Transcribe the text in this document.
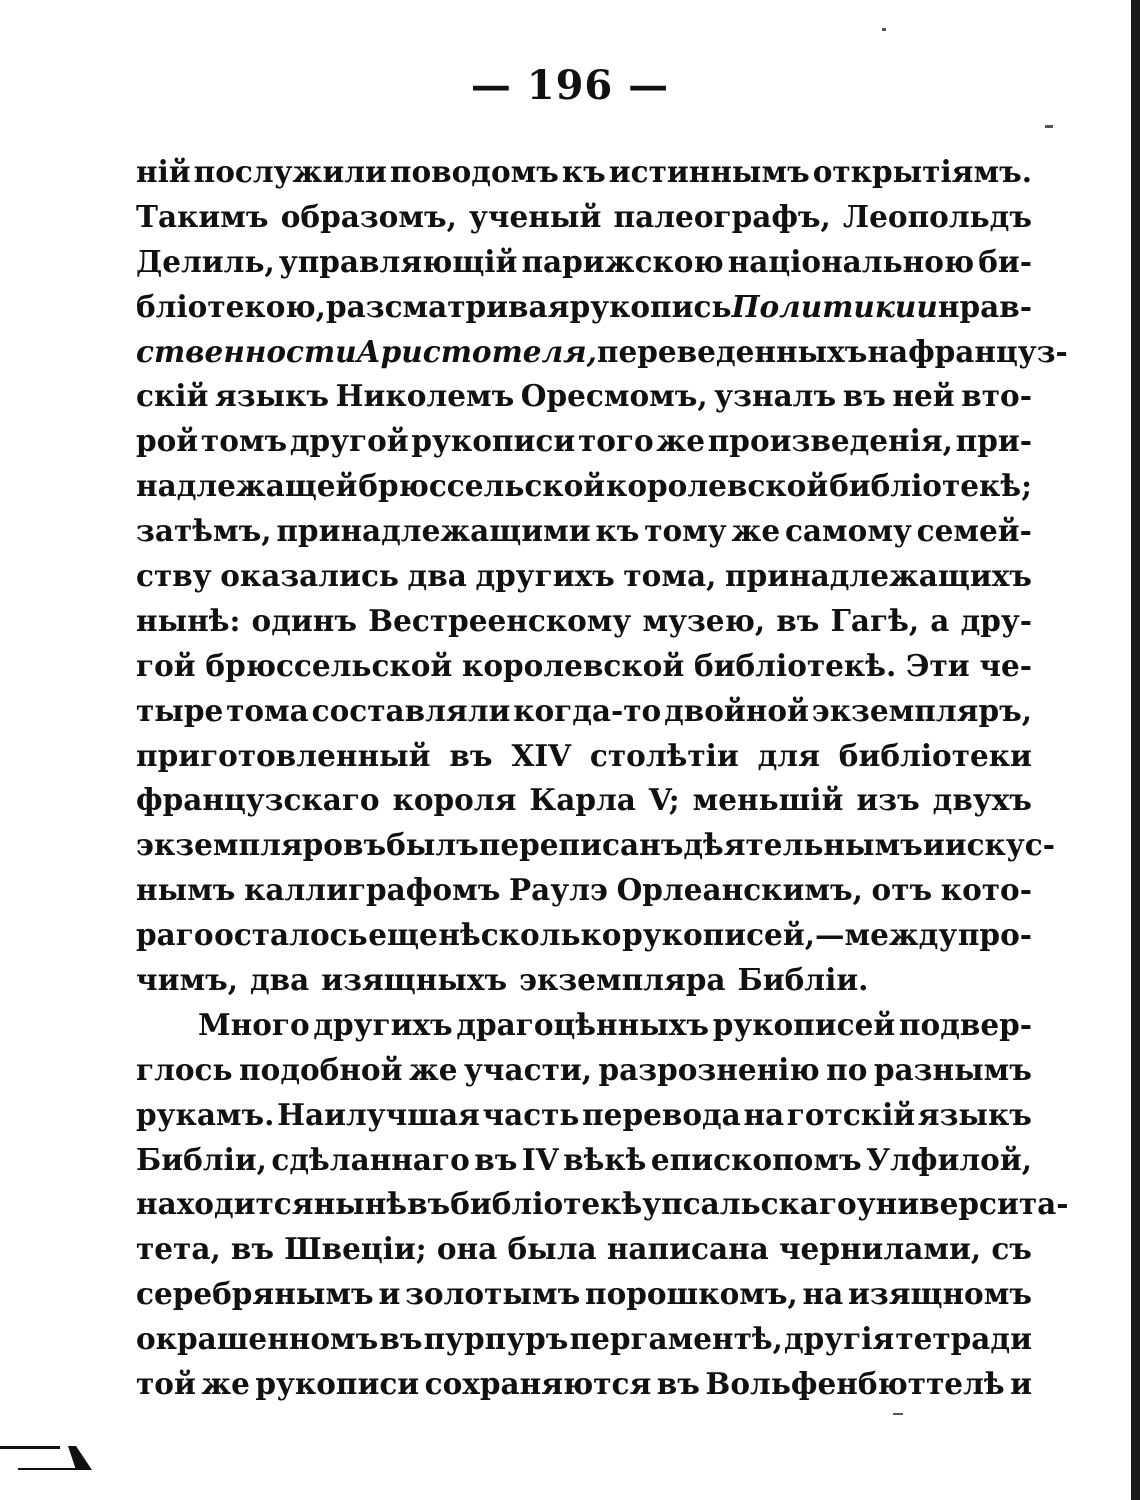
— 196 —
ній послужили поводомъ къ истиннымъ открытіямъ.
Такимъ образомъ, ученый палеографъ, Леопольдъ
Делиль, управляющій парижскою національною би-
бліотекою, разсматривая рукопись Политики и нрав-
ственности Аристотеля, переведенныхъ на француз-
скій языкъ Николемъ Оресмомъ, узналъ въ ней вто-
рой томъ другой рукописи того же произведенія, при-
надлежащей брюссельской королевской библіотекѣ;
затѣмъ, принадлежащими къ тому же самому семей-
ству оказались два другихъ тома, принадлежащихъ
нынѣ: одинъ Вестреенскому музею, въ Гагѣ, а дру-
гой брюссельской королевской библіотекѣ. Эти че-
тыре тома составляли когда-то двойной экземпляръ,
приготовленный въ XIV столѣтіи для библіотеки
французскаго короля Карла V; меньшій изъ двухъ
экземпляровъ былъ переписанъ дѣятельнымъ и искус-
нымъ каллиграфомъ Раулэ Орлеанскимъ, отъ кото-
раго осталось еще нѣсколько рукописей,—между про-
чимъ, два изящныхъ экземпляра Библіи.
Много другихъ драгоцѣнныхъ рукописей подвер-
глось подобной же участи, разрозненію по разнымъ
рукамъ. Наилучшая часть перевода на готскій языкъ
Библіи, сдѣланнаго въ IV вѣкѣ епископомъ Улфилой,
находится нынѣ въ библіотекѣ упсальскаго университа-
тета, въ Швеціи; она была написана чернилами, съ
серебрянымъ и золотымъ порошкомъ, на изящномъ
окрашенномъ въ пурпуръ пергаментѣ, другія тетради
той же рукописи сохраняются въ Вольфенбюттелѣ и
